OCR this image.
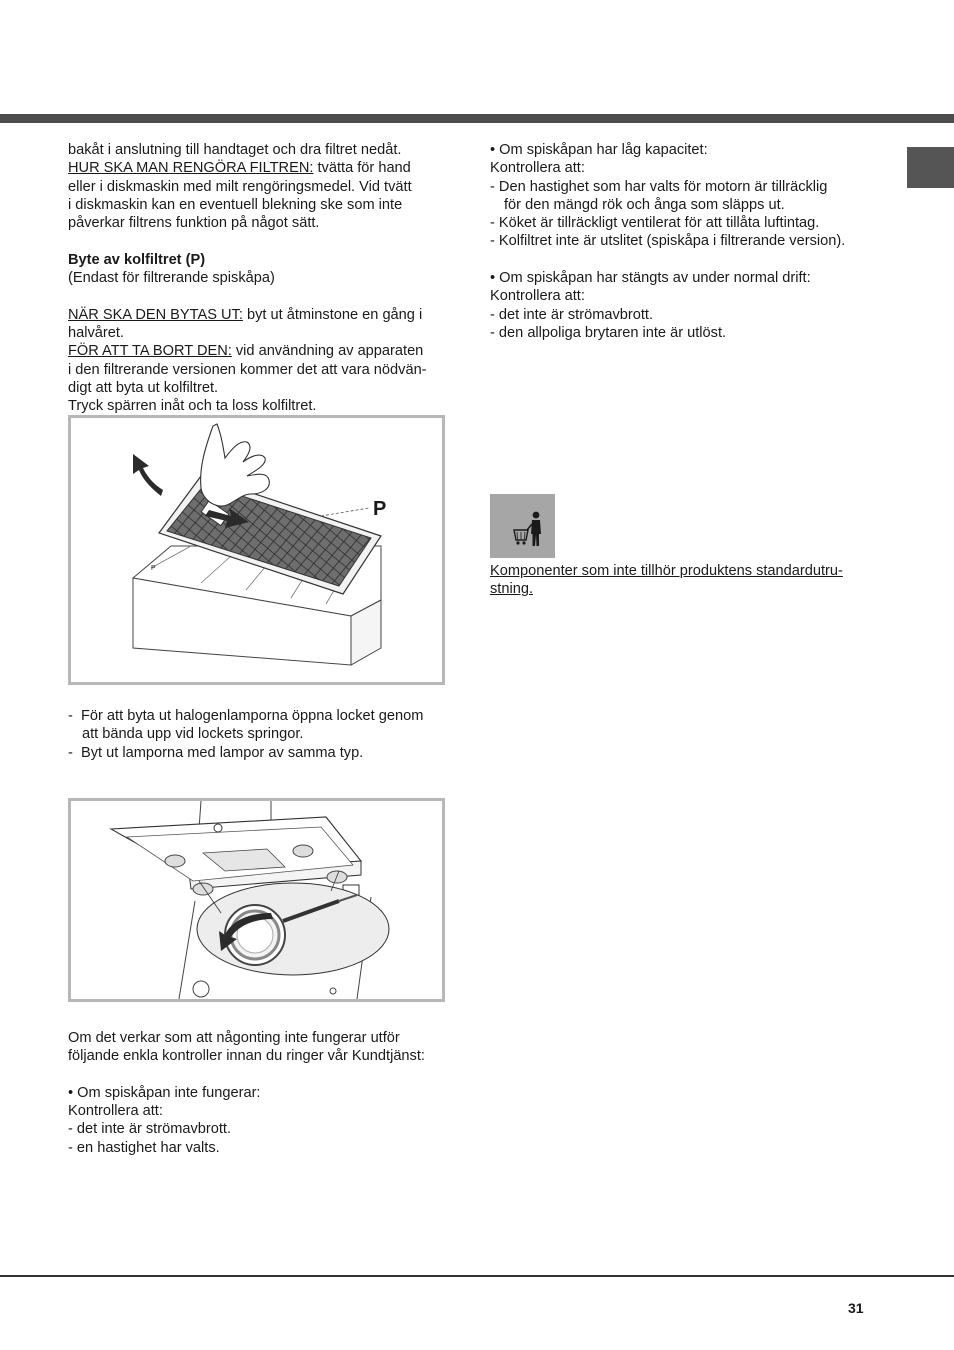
bakåt i anslutning till handtaget och dra filtret nedåt.

HUR SKA MAN RENGÖRA FILTREN: tvätta för hand

eller i diskmaskin med milt rengöringsmedel. Vid tvätt

i diskmaskin kan en eventuell blekning ske som inte

påverkar filtrens funktion på något sätt.

Byte av kolfiltret (P)

(Endast för filtrerande spiskåpa)

NÄR SKA DEN BYTAS UT: byt ut åtminstone en gång i

halvåret.

FÖR ATT TA BORT DEN: vid användning av apparaten

i den filtrerande versionen kommer det att vara nödvän-

digt att byta ut kolfiltret.

Tryck spärren inåt och ta loss kolfiltret.

P
P

- För att byta ut halogenlamporna öppna locket genom

att bända upp vid lockets springor.

- Byt ut lamporna med lampor av samma typ.

Om det verkar som att någonting inte fungerar utför

följande enkla kontroller innan du ringer vår Kundtjänst:

• Om spiskåpan inte fungerar:

Kontrollera att:

- det inte är strömavbrott.

- en hastighet har valts.

• Om spiskåpan har låg kapacitet:

Kontrollera att:

- Den hastighet som har valts för motorn är tillräcklig

för den mängd rök och ånga som släpps ut.

- Köket är tillräckligt ventilerat för att tillåta luftintag.

- Kolfiltret inte är utslitet (spiskåpa i filtrerande version).

• Om spiskåpan har stängts av under normal drift:

Kontrollera att:

- det inte är strömavbrott.

- den allpoliga brytaren inte är utlöst.

Komponenter som inte tillhör produktens standardutru-

stning.

31
